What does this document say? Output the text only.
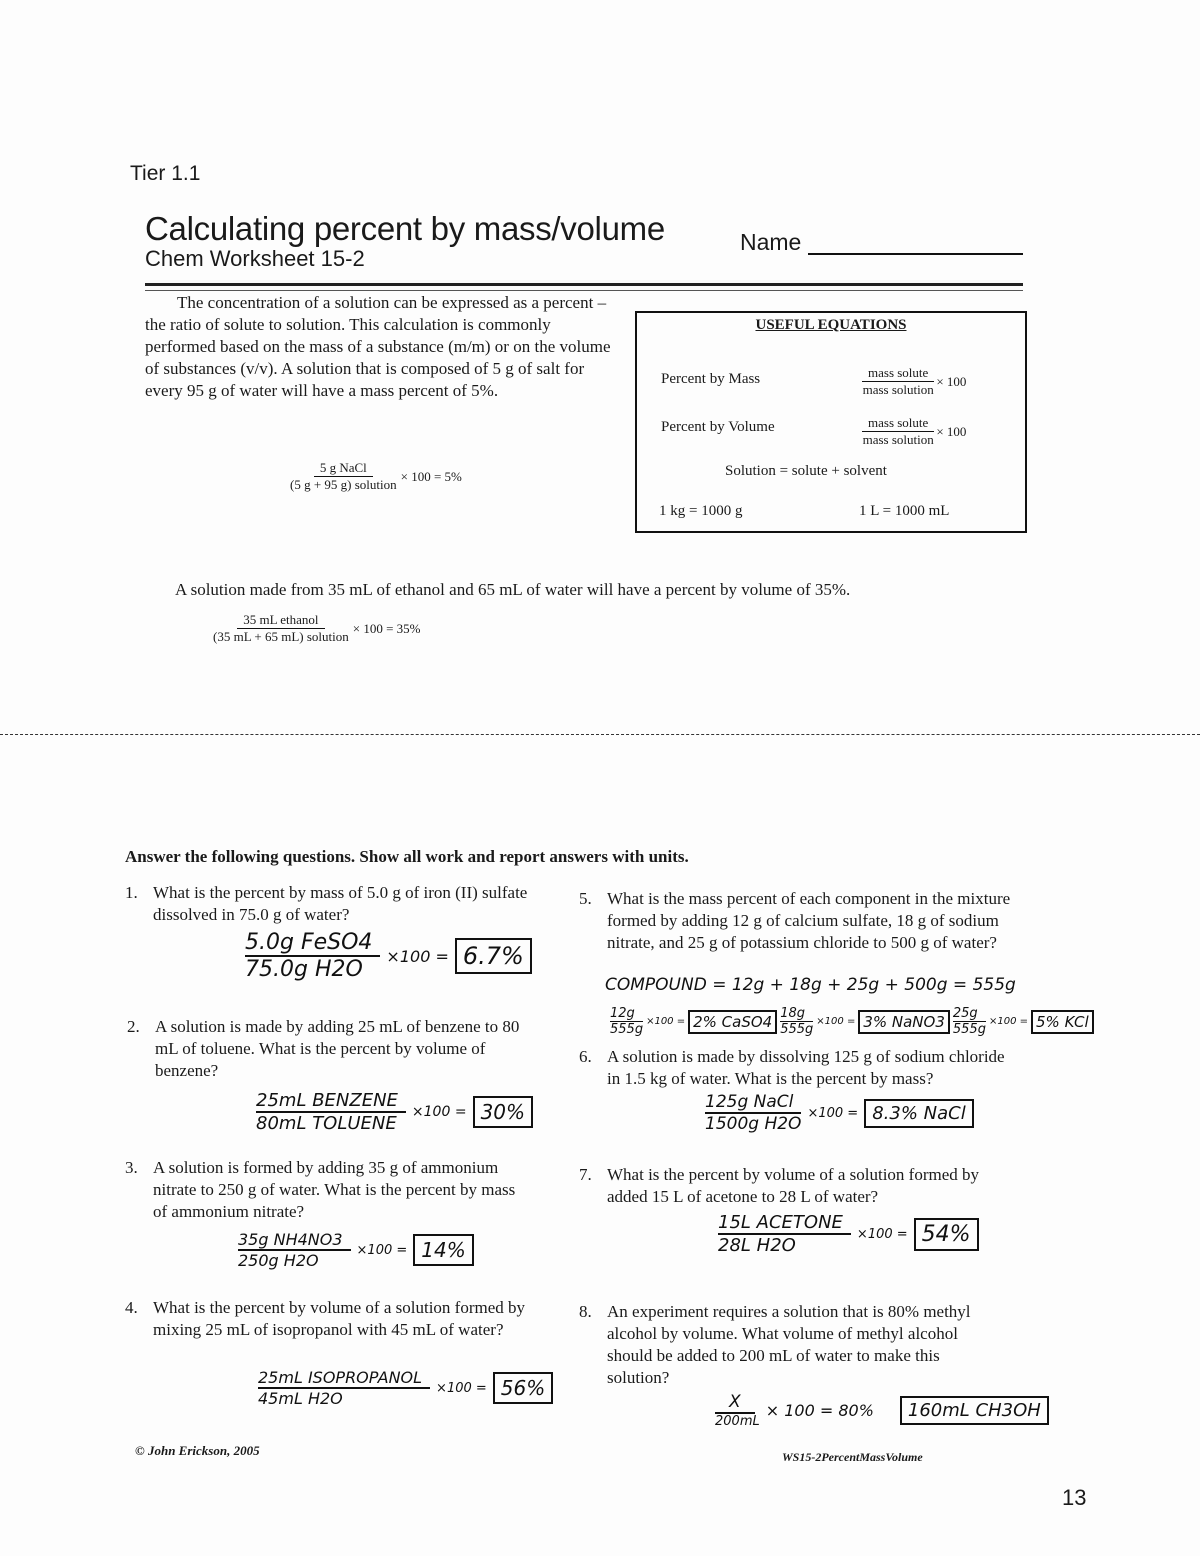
Tier 1.1
Calculating percent by mass/volume
Chem Worksheet 15-2
Name
The concentration of a solution can be expressed as a percent – the ratio of solute to solution. This calculation is commonly performed based on the mass of a substance (m/m) or on the volume of substances (v/v). A solution that is composed of 5 g of salt for every 95 g of water will have a mass percent of 5%.
$\frac{\text{5 g NaCl}}{\text{(5 g + 95 g) solution}} \times 100 = 5\%$
USEFUL EQUATIONS
Percent by Mass	$\frac{\text{mass solute}}{\text{mass solution}} \times 100$
Percent by Volume	$\frac{\text{mass solute}}{\text{mass solution}} \times 100$
Solution = solute + solvent
1 kg = 1000 g	1 L = 1000 mL
A solution made from 35 mL of ethanol and 65 mL of water will have a percent by volume of 35%.
$\frac{\text{35 mL ethanol}}{\text{(35 mL + 65 mL) solution}} \times 100 = 35\%$
Answer the following questions. Show all work and report answers with units.
1. What is the percent by mass of 5.0 g of iron (II) sulfate dissolved in 75.0 g of water?
5.0g FeSO4
75.0g H2O
×100 = 6.7%
2. A solution is made by adding 25 mL of benzene to 80 mL of toluene. What is the percent by volume of benzene?
25mL BENZENE
80mL TOLUENE
×100 = 30%
3. A solution is formed by adding 35 g of ammonium nitrate to 250 g of water. What is the percent by mass of ammonium nitrate?
$\frac{\text{35g NH4NO3}}{\text{250g H2O}} \times 100 = 14\%$
4. What is the percent by volume of a solution formed by mixing 25 mL of isopropanol with 45 mL of water?
25mL ISOPROPANOL
45mL H2O
×100 = 56%
5. What is the mass percent of each component in the mixture formed by adding 12 g of calcium sulfate, 18 g of sodium nitrate, and 25 g of potassium chloride to 500 g of water?
COMPOUND = 12g + 18g + 25g + 500g = 555g
$\frac{12g}{555g} \times 100 = 2\%$ CaSO4 $\frac{18g}{555g} \times 100 = 3\%$ NaNO3 $\frac{25g}{555g} \times 100 = 5\%$ KCl
6. A solution is made by dissolving 125 g of sodium chloride in 1.5 kg of water. What is the percent by mass?
125g NaCl
1500g H2O
×100 = 8.3% NaCl
7. What is the percent by volume of a solution formed by added 15 L of acetone to 28 L of water?
15L ACETONE
28L H2O
×100 = 54%
8. An experiment requires a solution that is 80% methyl alcohol by volume. What volume of methyl alcohol should be added to 200 mL of water to make this solution?
X
200mL
× 100 = 80%	160mL CH3OH
© John Erickson, 2005	WS15-2PercentMassVolume
13
